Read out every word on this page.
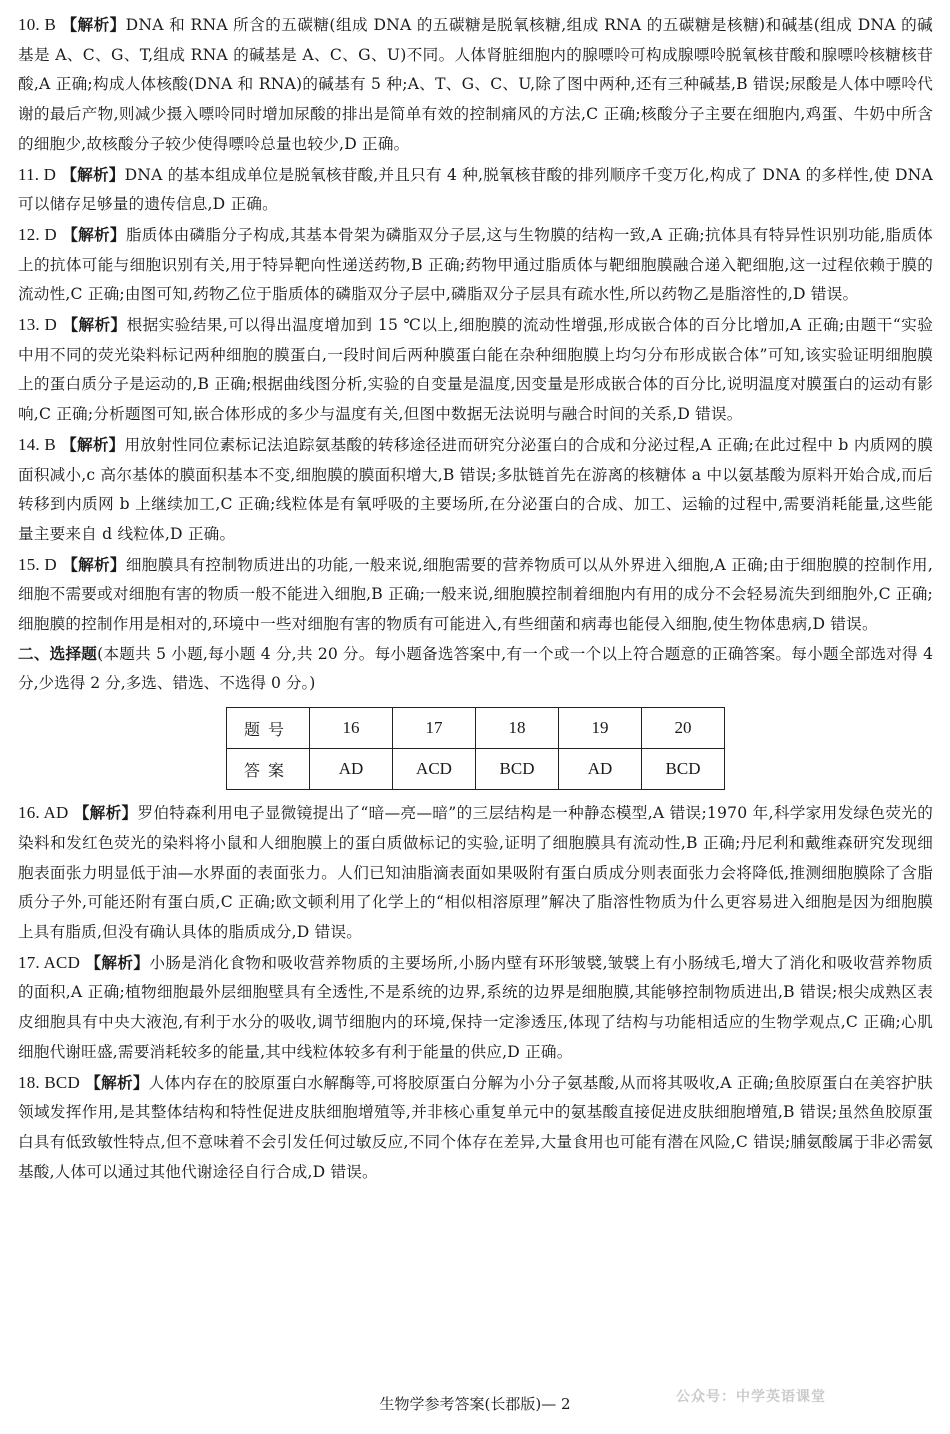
10. B 【解析】DNA 和 RNA 所含的五碳糖(组成 DNA 的五碳糖是脱氧核糖,组成 RNA 的五碳糖是核糖)和碱基(组成 DNA 的碱基是 A、C、G、T,组成 RNA 的碱基是 A、C、G、U)不同。人体肾脏细胞内的腺嘌呤可构成腺嘌呤脱氧核苷酸和腺嘌呤核糖核苷酸,A 正确;构成人体核酸(DNA 和 RNA)的碱基有 5 种;A、T、G、C、U,除了图中两种,还有三种碱基,B 错误;尿酸是人体中嘌呤代谢的最后产物,则减少摄入嘌呤同时增加尿酸的排出是简单有效的控制痛风的方法,C 正确;核酸分子主要在细胞内,鸡蛋、牛奶中所含的细胞少,故核酸分子较少使得嘌呤总量也较少,D 正确。

11. D 【解析】DNA 的基本组成单位是脱氧核苷酸,并且只有 4 种,脱氧核苷酸的排列顺序千变万化,构成了 DNA 的多样性,使 DNA 可以储存足够量的遗传信息,D 正确。

12. D 【解析】脂质体由磷脂分子构成,其基本骨架为磷脂双分子层,这与生物膜的结构一致,A 正确;抗体具有特异性识别功能,脂质体上的抗体可能与细胞识别有关,用于特异靶向性递送药物,B 正确;药物甲通过脂质体与靶细胞膜融合递入靶细胞,这一过程依赖于膜的流动性,C 正确;由图可知,药物乙位于脂质体的磷脂双分子层中,磷脂双分子层具有疏水性,所以药物乙是脂溶性的,D 错误。

13. D 【解析】根据实验结果,可以得出温度增加到 15 ℃以上,细胞膜的流动性增强,形成嵌合体的百分比增加,A 正确;由题干“实验中用不同的荧光染料标记两种细胞的膜蛋白,一段时间后两种膜蛋白能在杂种细胞膜上均匀分布形成嵌合体”可知,该实验证明细胞膜上的蛋白质分子是运动的,B 正确;根据曲线图分析,实验的自变量是温度,因变量是形成嵌合体的百分比,说明温度对膜蛋白的运动有影响,C 正确;分析题图可知,嵌合体形成的多少与温度有关,但图中数据无法说明与融合时间的关系,D 错误。

14. B 【解析】用放射性同位素标记法追踪氨基酸的转移途径进而研究分泌蛋白的合成和分泌过程,A 正确;在此过程中 b 内质网的膜面积减小,c 高尔基体的膜面积基本不变,细胞膜的膜面积增大,B 错误;多肽链首先在游离的核糖体 a 中以氨基酸为原料开始合成,而后转移到内质网 b 上继续加工,C 正确;线粒体是有氧呼吸的主要场所,在分泌蛋白的合成、加工、运输的过程中,需要消耗能量,这些能量主要来自 d 线粒体,D 正确。

15. D 【解析】细胞膜具有控制物质进出的功能,一般来说,细胞需要的营养物质可以从外界进入细胞,A 正确;由于细胞膜的控制作用,细胞不需要或对细胞有害的物质一般不能进入细胞,B 正确;一般来说,细胞膜控制着细胞内有用的成分不会轻易流失到细胞外,C 正确;细胞膜的控制作用是相对的,环境中一些对细胞有害的物质有可能进入,有些细菌和病毒也能侵入细胞,使生物体患病,D 错误。

二、选择题(本题共 5 小题,每小题 4 分,共 20 分。每小题备选答案中,有一个或一个以上符合题意的正确答案。每小题全部选对得 4 分,少选得 2 分,多选、错选、不选得 0 分。)

题号	16	17	18	19	20
答案	AD	ACD	BCD	AD	BCD

16. AD 【解析】罗伯特森利用电子显微镜提出了“暗—亮—暗”的三层结构是一种静态模型,A 错误;1970 年,科学家用发绿色荧光的染料和发红色荧光的染料将小鼠和人细胞膜上的蛋白质做标记的实验,证明了细胞膜具有流动性,B 正确;丹尼利和戴维森研究发现细胞表面张力明显低于油—水界面的表面张力。人们已知油脂滴表面如果吸附有蛋白质成分则表面张力会将降低,推测细胞膜除了含脂质分子外,可能还附有蛋白质,C 正确;欧文顿利用了化学上的“相似相溶原理”解决了脂溶性物质为什么更容易进入细胞是因为细胞膜上具有脂质,但没有确认具体的脂质成分,D 错误。

17. ACD 【解析】小肠是消化食物和吸收营养物质的主要场所,小肠内壁有环形皱襞,皱襞上有小肠绒毛,增大了消化和吸收营养物质的面积,A 正确;植物细胞最外层细胞壁具有全透性,不是系统的边界,系统的边界是细胞膜,其能够控制物质进出,B 错误;根尖成熟区表皮细胞具有中央大液泡,有利于水分的吸收,调节细胞内的环境,保持一定渗透压,体现了结构与功能相适应的生物学观点,C 正确;心肌细胞代谢旺盛,需要消耗较多的能量,其中线粒体较多有利于能量的供应,D 正确。

18. BCD 【解析】人体内存在的胶原蛋白水解酶等,可将胶原蛋白分解为小分子氨基酸,从而将其吸收,A 正确;鱼胶原蛋白在美容护肤领域发挥作用,是其整体结构和特性促进皮肤细胞增殖等,并非核心重复单元中的氨基酸直接促进皮肤细胞增殖,B 错误;虽然鱼胶原蛋白具有低致敏性特点,但不意味着不会引发任何过敏反应,不同个体存在差异,大量食用也可能有潜在风险,C 错误;脯氨酸属于非必需氨基酸,人体可以通过其他代谢途径自行合成,D 错误。

生物学参考答案(长郡版)— 2	公众号：中学英语课堂
